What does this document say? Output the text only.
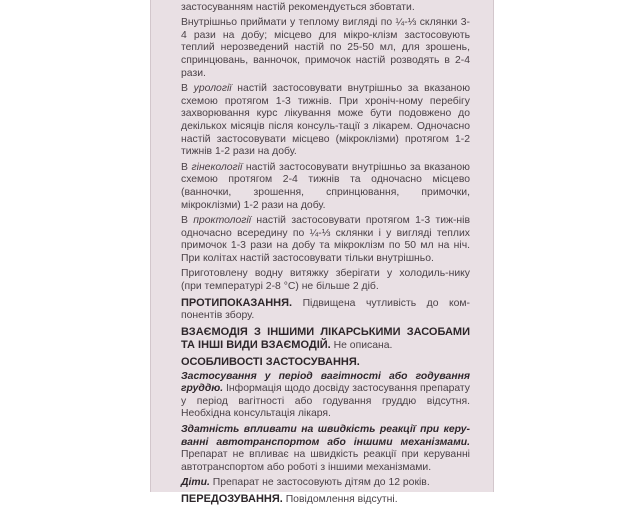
застосуванням настій рекомендується збовтати.

Внутрішньо приймати у теплому вигляді по ¼-⅓ склянки 3-4 рази на добу; місцево для мікро-клізм застосовують теплий нерозведений настій по 25-50 мл, для зрошень, спринцювань, ванночок, примочок настій розводять в 2-4 рази.

В урології настій застосовувати внутрішньо за вказаною схемою протягом 1-3 тижнів. При хроніч-ному перебігу захворювання курс лікування може бути подовжено до декількох місяців після консуль-тації з лікарем. Одночасно настій застосовувати місцево (мікроклізми) протягом 1-2 тижнів 1-2 рази на добу.

В гінекології настій застосовувати внутрішньо за вказаною схемою протягом 2-4 тижнів та одночасно місцево (ванночки, зрошення, спринцювання, примочки, мікроклізми) 1-2 рази на добу.

В проктології настій застосовувати протягом 1-3 тиж-нів одночасно всередину по ¼-⅓ склянки і у вигляді теплих примочок 1-3 рази на добу та мікроклізм по 50 мл на ніч. При колітах настій застосовувати тільки внутрішньо.

Приготовлену водну витяжку зберігати у холодиль-нику (при температурі 2-8 °С) не більше 2 діб.

ПРОТИПОКАЗАННЯ. Підвищена чутливість до ком-понентів збору.

ВЗАЄМОДІЯ З ІНШИМИ ЛІКАРСЬКИМИ ЗАСОБАМИ ТА ІНШІ ВИДИ ВЗАЄМОДІЙ. Не описана.

ОСОБЛИВОСТІ ЗАСТОСУВАННЯ.

Застосування у період вагітності або годування груддю. Інформація щодо досвіду застосування препарату у період вагітності або годування груддю відсутня. Необхідна консультація лікаря.

Здатність впливати на швидкість реакції при керу-ванні автотранспортом або іншими механізмами. Препарат не впливає на швидкість реакції при керуванні автотранспортом або роботі з іншими механізмами.

Діти. Препарат не застосовують дітям до 12 років.

ПЕРЕДОЗУВАННЯ. Повідомлення відсутні.
